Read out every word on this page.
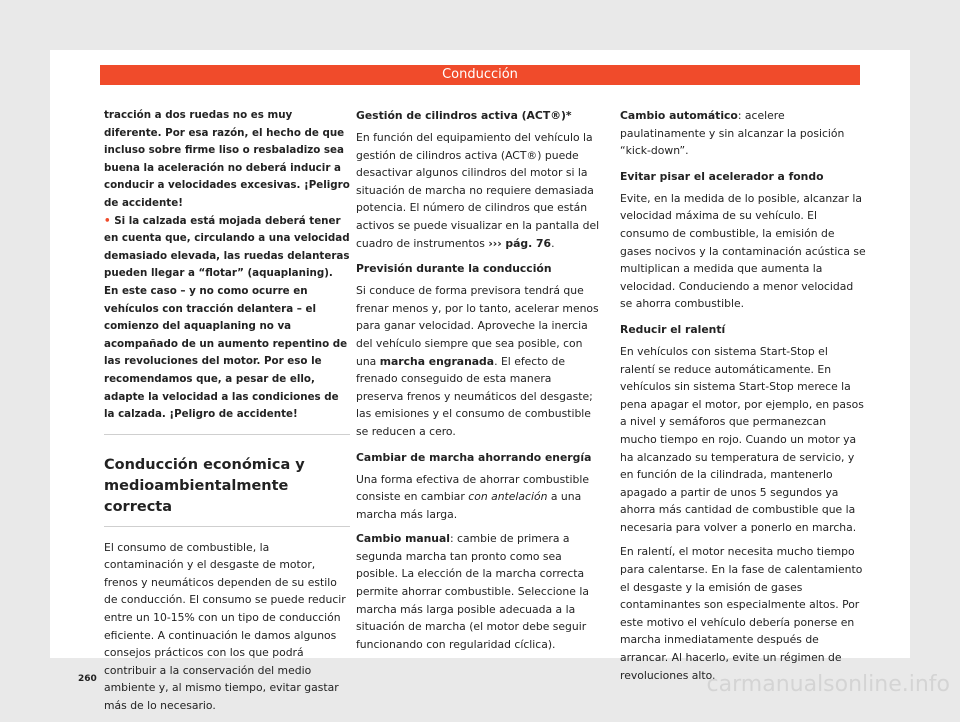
Conducción

tracción a dos ruedas no es muy diferente. Por esa razón, el hecho de que incluso sobre firme liso o resbaladizo sea buena la aceleración no deberá inducir a conducir a velocidades excesivas. ¡Peligro de accidente!

• Si la calzada está mojada deberá tener en cuenta que, circulando a una velocidad demasiado elevada, las ruedas delanteras pueden llegar a “flotar” (aquaplaning). En este caso – y no como ocurre en vehículos con tracción delantera – el comienzo del aquaplaning no va acompañado de un aumento repentino de las revoluciones del motor. Por eso le recomendamos que, a pesar de ello, adapte la velocidad a las condiciones de la calzada. ¡Peligro de accidente!

Conducción económica y medioambientalmente correcta

El consumo de combustible, la contaminación y el desgaste de motor, frenos y neumáticos dependen de su estilo de conducción. El consumo se puede reducir entre un 10-15% con un tipo de conducción eficiente. A continuación le damos algunos consejos prácticos con los que podrá contribuir a la conservación del medio ambiente y, al mismo tiempo, evitar gastar más de lo necesario.

Gestión de cilindros activa (ACT®)*

En función del equipamiento del vehículo la gestión de cilindros activa (ACT®) puede desactivar algunos cilindros del motor si la situación de marcha no requiere demasiada potencia. El número de cilindros que están activos se puede visualizar en la pantalla del cuadro de instrumentos ››› pág. 76.

Previsión durante la conducción

Si conduce de forma previsora tendrá que frenar menos y, por lo tanto, acelerar menos para ganar velocidad. Aproveche la inercia del vehículo siempre que sea posible, con una marcha engranada. El efecto de frenado conseguido de esta manera preserva frenos y neumáticos del desgaste; las emisiones y el consumo de combustible se reducen a cero.

Cambiar de marcha ahorrando energía

Una forma efectiva de ahorrar combustible consiste en cambiar con antelación a una marcha más larga.

Cambio manual: cambie de primera a segunda marcha tan pronto como sea posible. La elección de la marcha correcta permite ahorrar combustible. Seleccione la marcha más larga posible adecuada a la situación de marcha (el motor debe seguir funcionando con regularidad cíclica).

Cambio automático: acelere paulatinamente y sin alcanzar la posición “kick-down”.

Evitar pisar el acelerador a fondo

Evite, en la medida de lo posible, alcanzar la velocidad máxima de su vehículo. El consumo de combustible, la emisión de gases nocivos y la contaminación acústica se multiplican a medida que aumenta la velocidad. Conduciendo a menor velocidad se ahorra combustible.

Reducir el ralentí

En vehículos con sistema Start-Stop el ralentí se reduce automáticamente. En vehículos sin sistema Start-Stop merece la pena apagar el motor, por ejemplo, en pasos a nivel y semáforos que permanezcan mucho tiempo en rojo. Cuando un motor ya ha alcanzado su temperatura de servicio, y en función de la cilindrada, mantenerlo apagado a partir de unos 5 segundos ya ahorra más cantidad de combustible que la necesaria para volver a ponerlo en marcha.

En ralentí, el motor necesita mucho tiempo para calentarse. En la fase de calentamiento el desgaste y la emisión de gases contaminantes son especialmente altos. Por este motivo el vehículo debería ponerse en marcha inmediatamente después de arrancar. Al hacerlo, evite un régimen de revoluciones alto.

260	carmanualsonline.info
